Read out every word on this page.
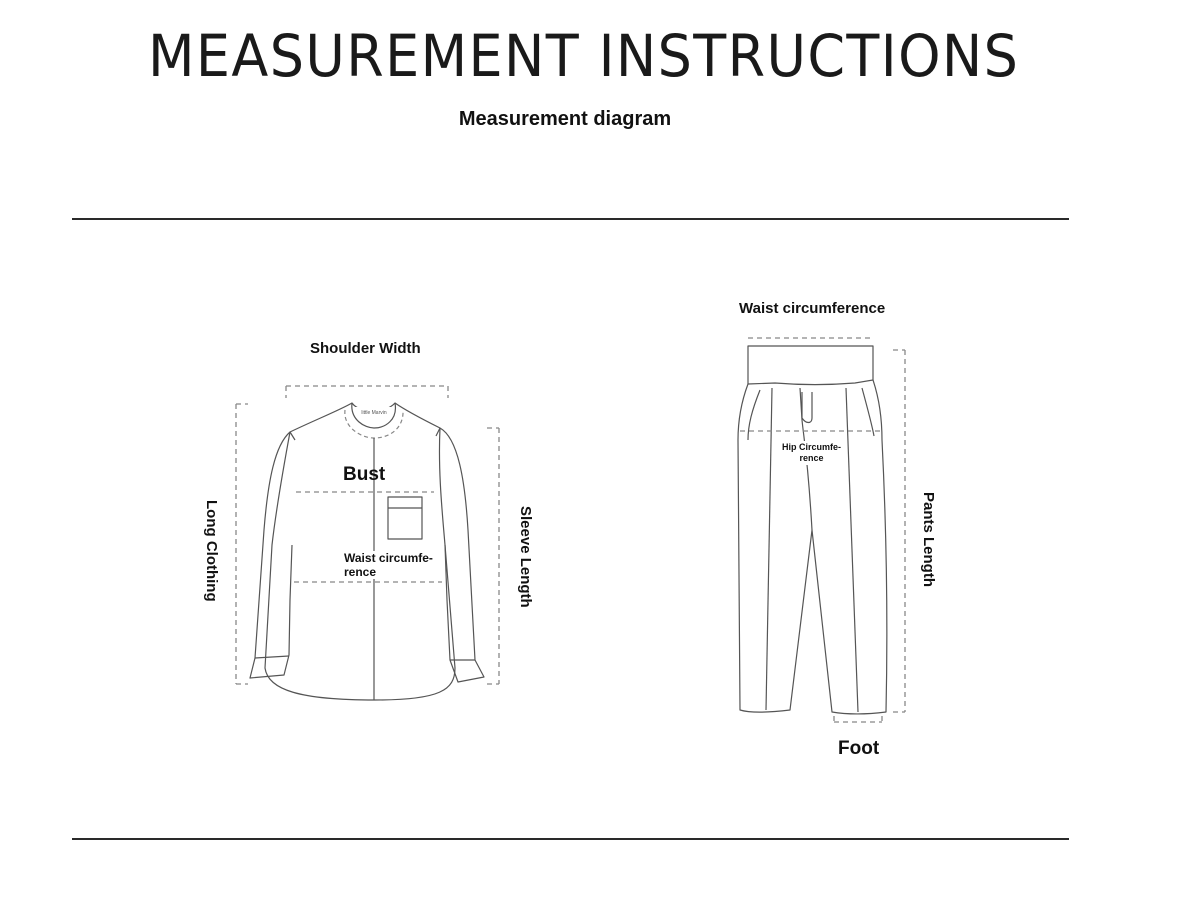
MEASUREMENT INSTRUCTIONS
Measurement diagram
little Marvin
Shoulder Width
Bust
Waist circumfe-
rence
Long Clothing	Sleeve Length
Waist circumference
Hip Circumfe-
rence
Pants Length
Foot
